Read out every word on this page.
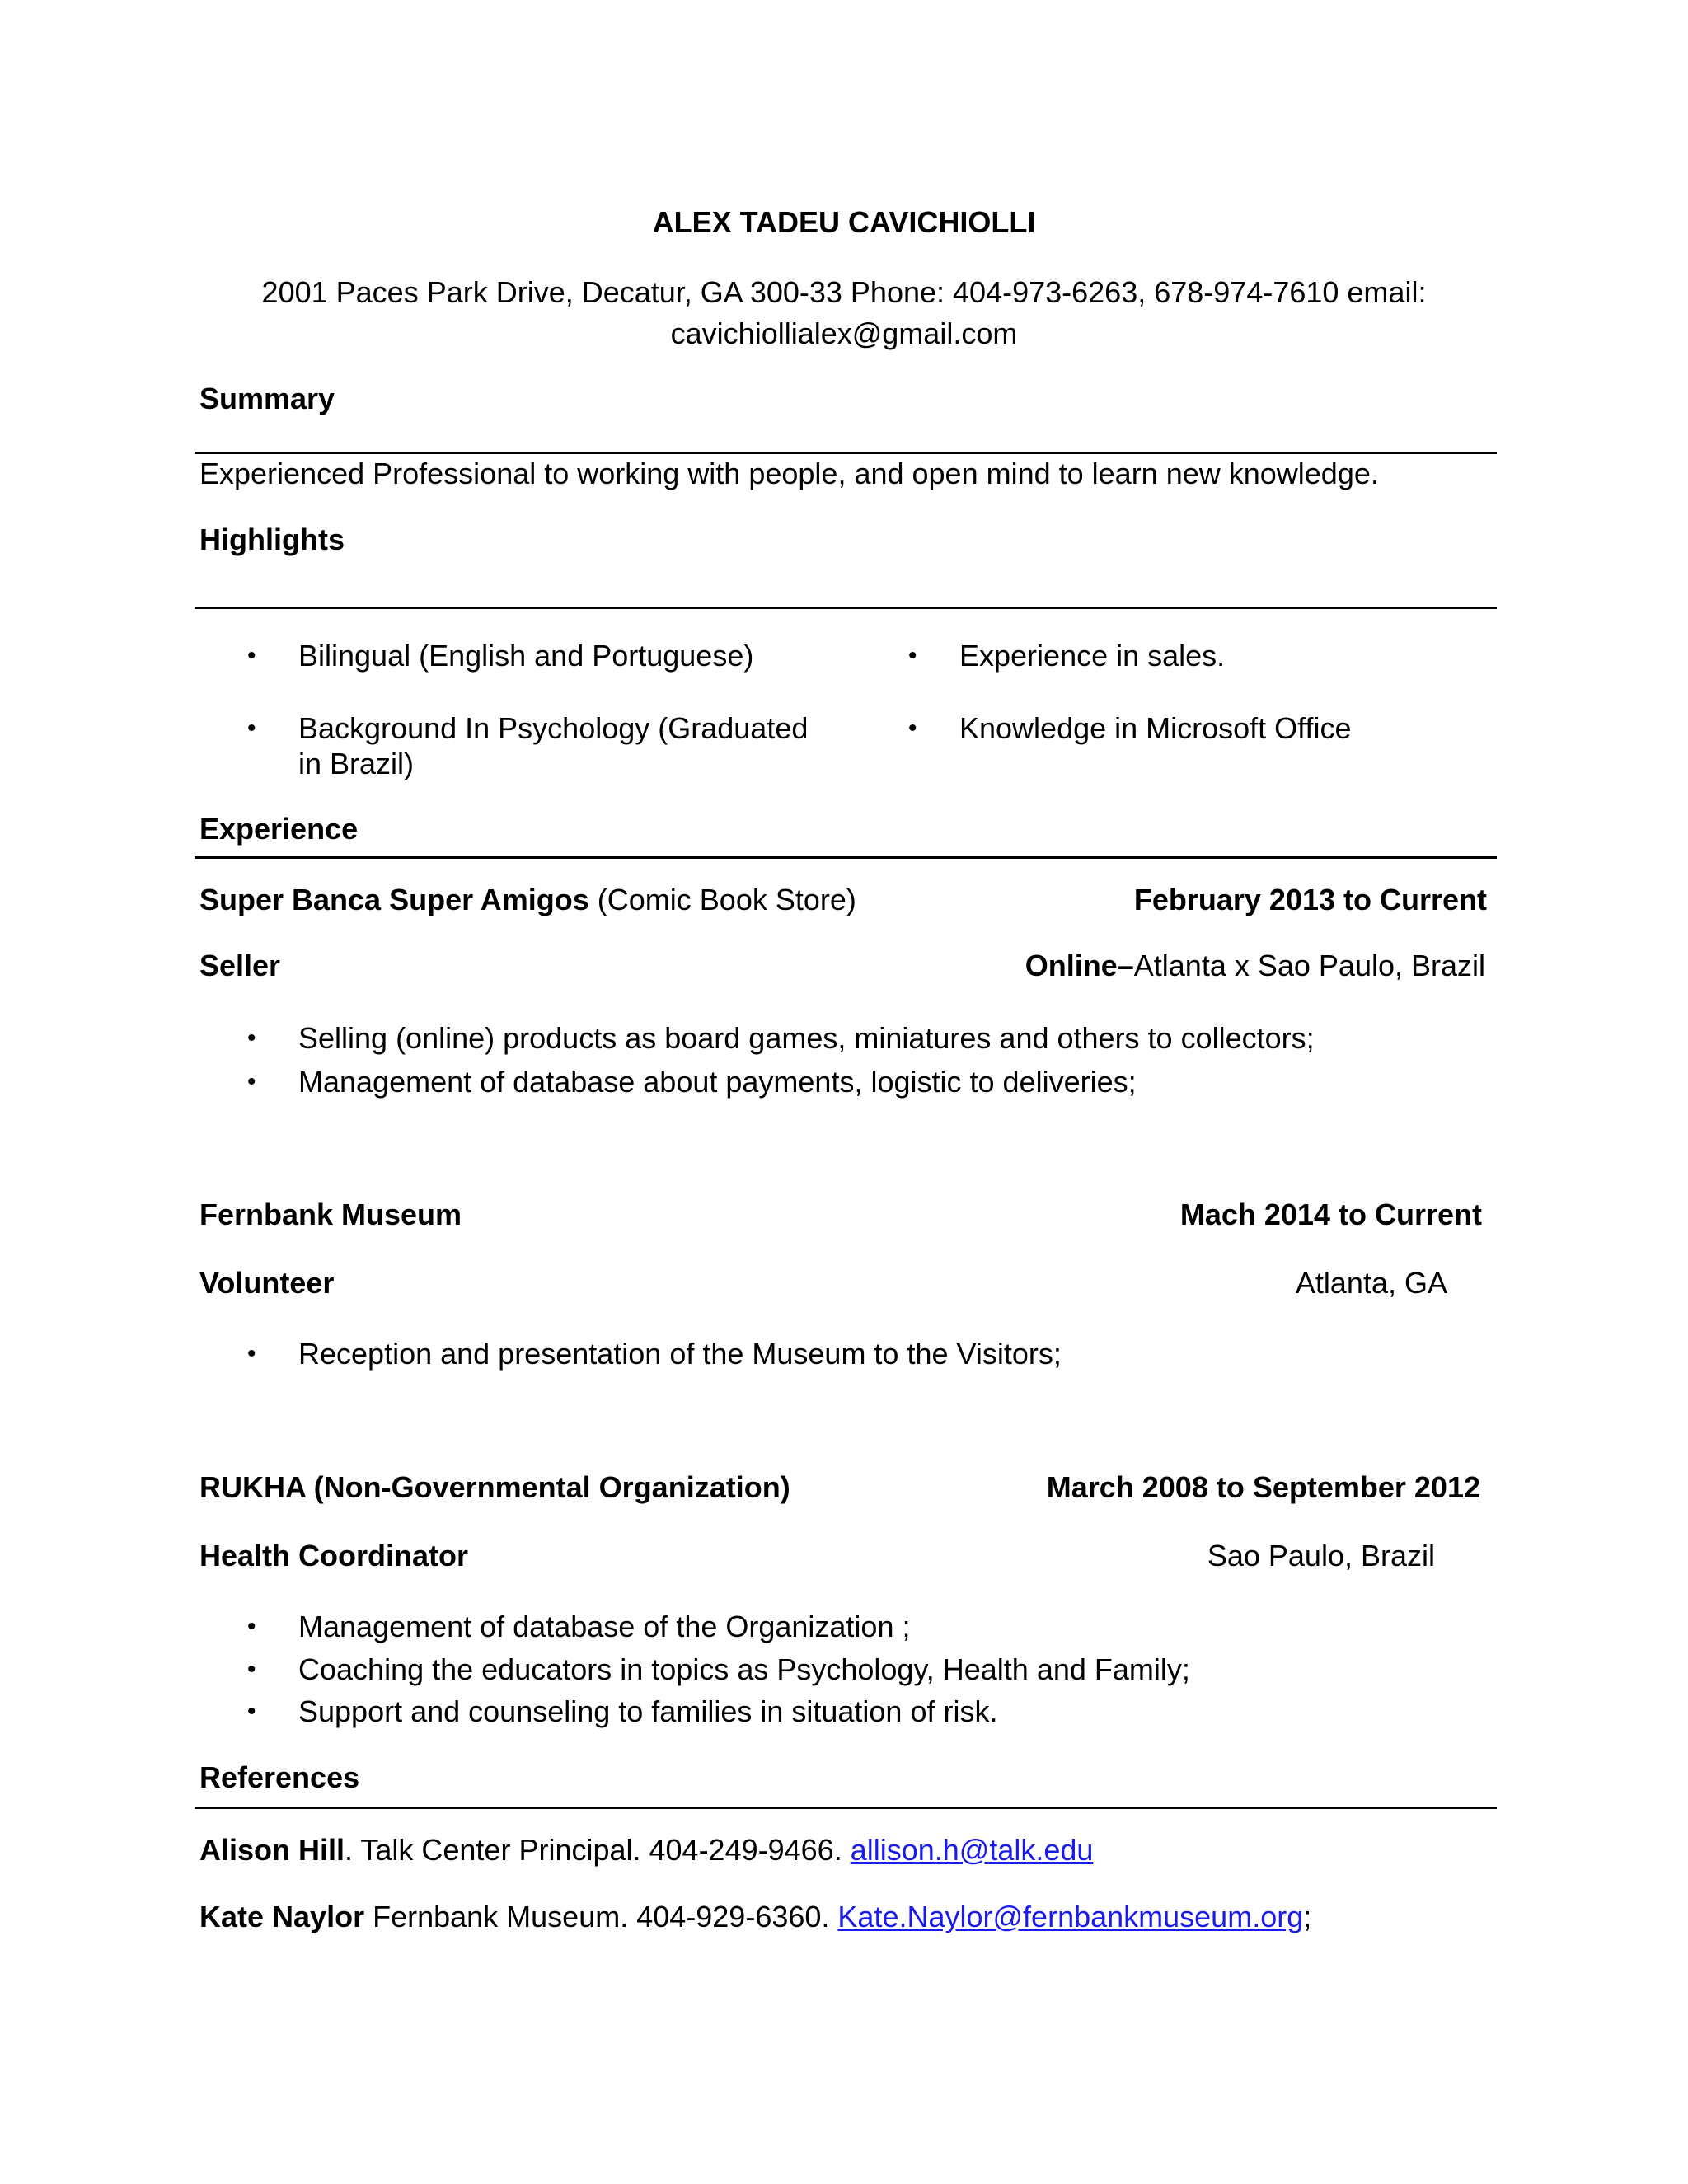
ALEX TADEU CAVICHIOLLI
2001 Paces Park Drive, Decatur, GA 300-33 Phone: 404-973-6263, 678-974-7610 email:
cavichiollialex@gmail.com
Summary
Experienced Professional to working with people, and open mind to learn new knowledge.
Highlights
• Bilingual (English and Portuguese)
• Background In Psychology (Graduated
in Brazil)
• Experience in sales.
• Knowledge in Microsoft Office
Experience
Super Banca Super Amigos (Comic Book Store)	February 2013 to Current
Seller	Online–Atlanta x Sao Paulo, Brazil
• Selling (online) products as board games, miniatures and others to collectors;
• Management of database about payments, logistic to deliveries;
Fernbank Museum	Mach 2014 to Current
Volunteer	Atlanta, GA
• Reception and presentation of the Museum to the Visitors;
RUKHA (Non-Governmental Organization)	March 2008 to September 2012
Health Coordinator	Sao Paulo, Brazil
• Management of database of the Organization ;
• Coaching the educators in topics as Psychology, Health and Family;
• Support and counseling to families in situation of risk.
References
Alison Hill. Talk Center Principal. 404-249-9466. allison.h@talk.edu
Kate Naylor Fernbank Museum. 404-929-6360. Kate.Naylor@fernbankmuseum.org;
